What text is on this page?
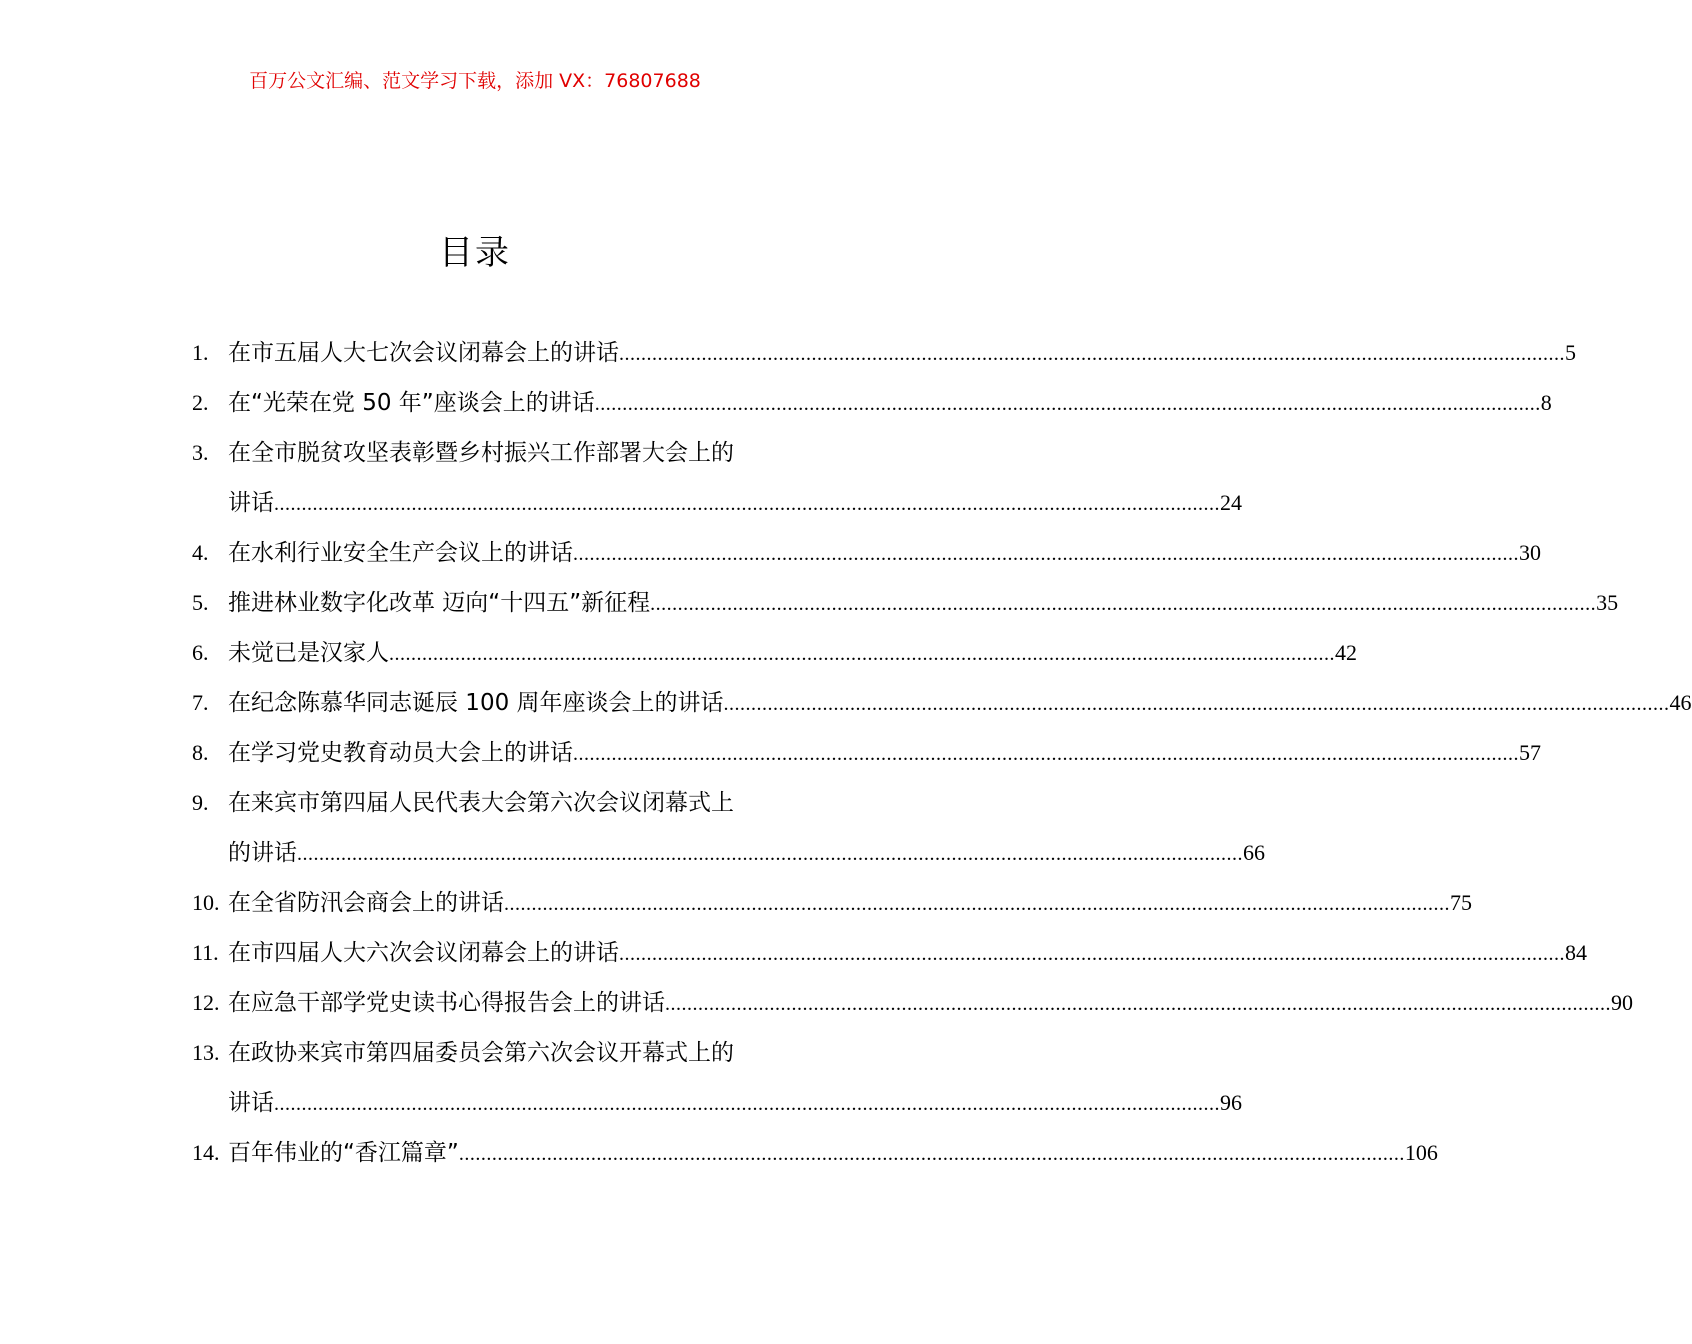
百万公文汇编、范文学习下载，添加 VX：76807688
目录
1. 在市五届人大七次会议闭幕会上的讲话 .....	5
2. 在“光荣在党 50 年”座谈会上的讲话 .....	8
3. 在全市脱贫攻坚表彰暨乡村振兴工作部署大会上的
讲话 .....	24
4. 在水利行业安全生产会议上的讲话 .....	30
5. 推进林业数字化改革 迈向“十四五”新征程 .....	35
6. 未觉已是汉家人 .....	42
7. 在纪念陈慕华同志诞辰 100 周年座谈会上的讲话 .....	46
8. 在学习党史教育动员大会上的讲话 .....	57
9. 在来宾市第四届人民代表大会第六次会议闭幕式上
的讲话 .....	66
10. 在全省防汛会商会上的讲话 .....	75
11. 在市四届人大六次会议闭幕会上的讲话 .....	84
12. 在应急干部学党史读书心得报告会上的讲话 .....	90
13. 在政协来宾市第四届委员会第六次会议开幕式上的
讲话 .....	96
14. 百年伟业的“香江篇章” .....	106
